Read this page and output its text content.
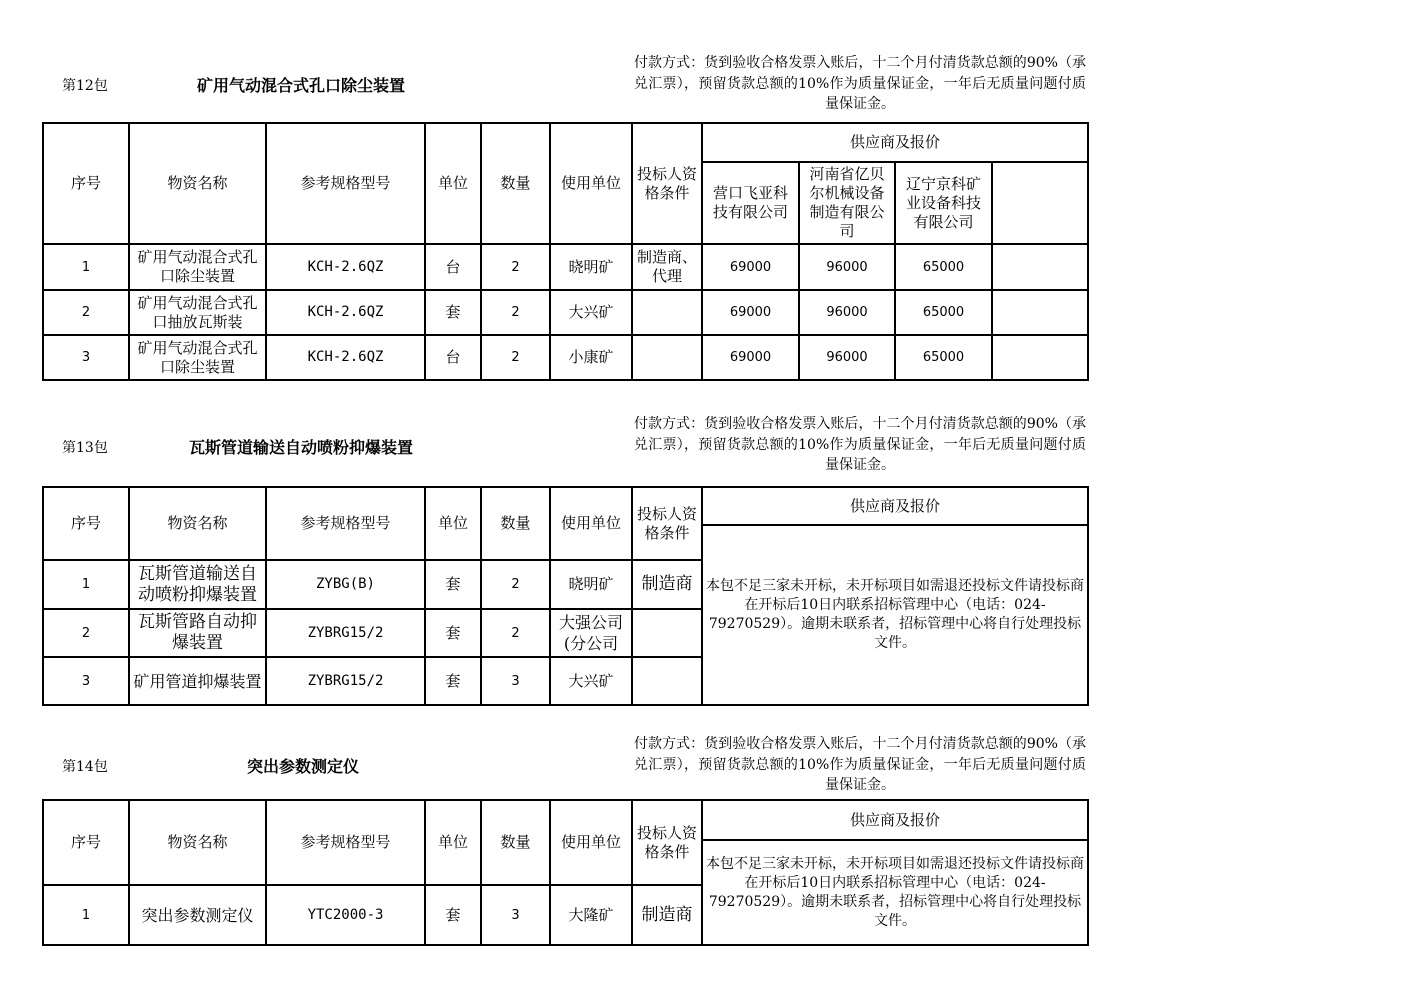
第12包	矿用气动混合式孔口除尘装置
付款方式：货到验收合格发票入账后，十二个月付清货款总额的90%（承兑汇票），预留货款总额的10%作为质量保证金，一年后无质量问题付质量保证金。
序号	物资名称	参考规格型号	单位	数量	使用单位	投标人资格条件	供应商及报价			
							营口飞亚科技有限公司	河南省亿贝尔机械设备制造有限公司	辽宁京科矿业设备科技有限公司	
1	矿用气动混合式孔口除尘装置	KCH-2.6QZ	台	2	晓明矿	制造商、代理	69000	96000	65000	
2	矿用气动混合式孔口抽放瓦斯装	KCH-2.6QZ	套	2	大兴矿		69000	96000	65000	
3	矿用气动混合式孔口除尘装置	KCH-2.6QZ	台	2	小康矿		69000	96000	65000	
第13包	瓦斯管道输送自动喷粉抑爆装置
付款方式：货到验收合格发票入账后，十二个月付清货款总额的90%（承兑汇票），预留货款总额的10%作为质量保证金，一年后无质量问题付质量保证金。
序号	物资名称	参考规格型号	单位	数量	使用单位	投标人资格条件	供应商及报价
							本包不足三家未开标，未开标项目如需退还投标文件请投标商在开标后10日内联系招标管理中心（电话：024-79270529）。逾期未联系者，招标管理中心将自行处理投标文件。
1	瓦斯管道输送自动喷粉抑爆装置	ZYBG(B)	套	2	晓明矿	制造商	
2	瓦斯管路自动抑爆装置	ZYBRG15/2	套	2	大强公司(分公司		
3	矿用管道抑爆装置	ZYBRG15/2	套	3	大兴矿		
第14包	突出参数测定仪
付款方式：货到验收合格发票入账后，十二个月付清货款总额的90%（承兑汇票），预留货款总额的10%作为质量保证金，一年后无质量问题付质量保证金。
序号	物资名称	参考规格型号	单位	数量	使用单位	投标人资格条件	供应商及报价
							本包不足三家未开标，未开标项目如需退还投标文件请投标商在开标后10日内联系招标管理中心（电话：024-79270529）。逾期未联系者，招标管理中心将自行处理投标文件。
1	突出参数测定仪	YTC2000-3	套	3	大隆矿	制造商	
